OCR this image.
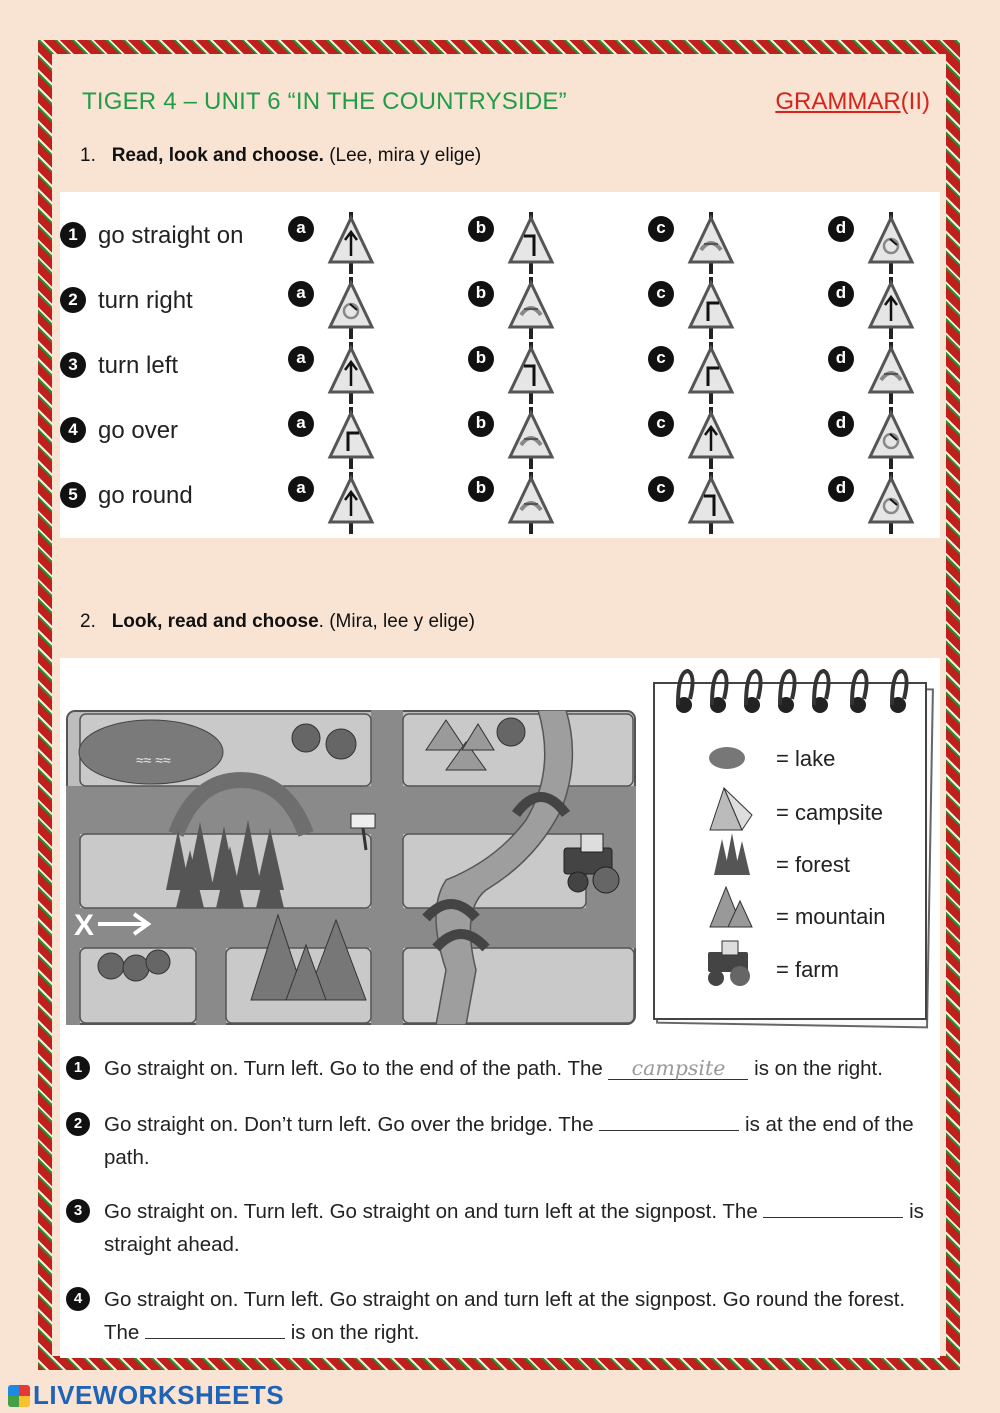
TIGER 4 – UNIT 6 “IN THE COUNTRYSIDE”	GRAMMAR(II)
1. Read, look and choose. (Lee, mira y elige)
1 go straight on	a	b	c	d
2 turn right	a	b	c	d
3 turn left	a	b	c	d
4 go over	a	b	c	d
5 go round	a	b	c	d
2. Look, read and choose. (Mira, lee y elige)
≈≈ ≈≈
X
= lake
= campsite
= forest
= mountain
= farm
1	Go straight on. Turn left. Go to the end of the path. The campsite is on the right.
2	Go straight on. Don’t turn left. Go over the bridge. The	is at the end of the path.
3	Go straight on. Turn left. Go straight on and turn left at the signpost. The	is straight ahead.
4	Go straight on. Turn left. Go straight on and turn left at the signpost. Go round the forest. The	is on the right.
LIVEWORKSHEETS
